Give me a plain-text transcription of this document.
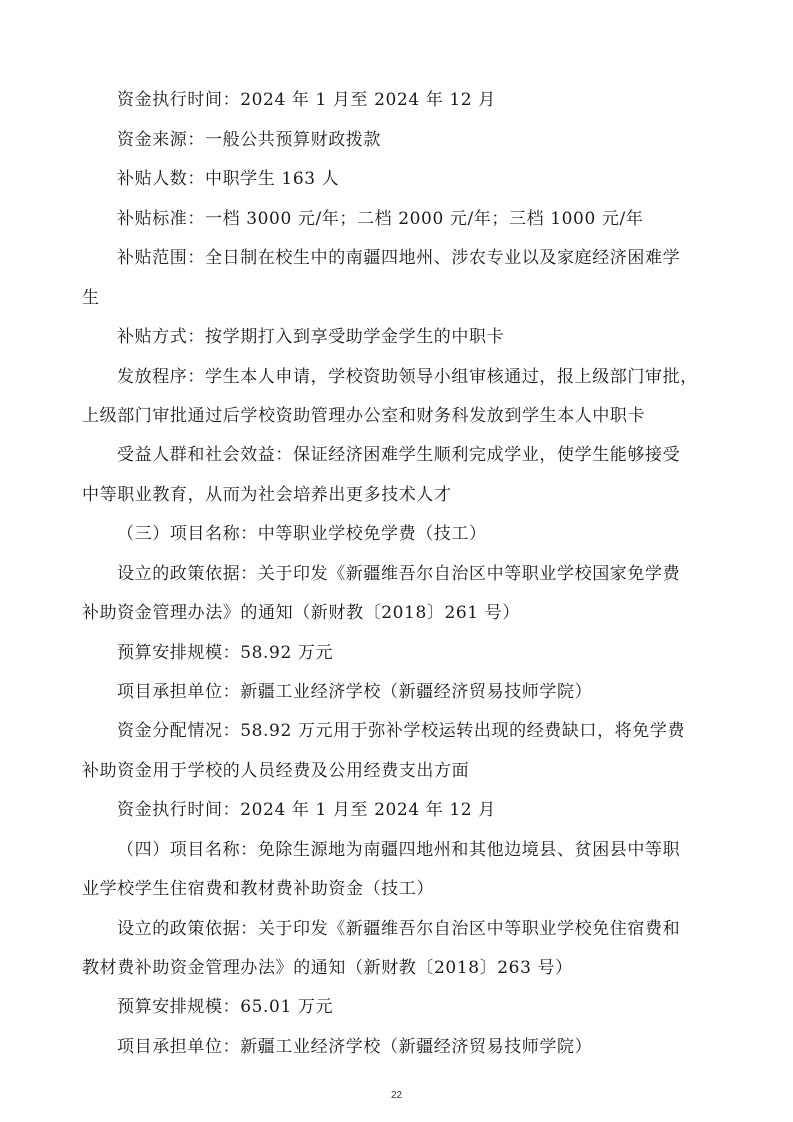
资金执行时间：2024 年 1 月至 2024 年 12 月
资金来源：一般公共预算财政拨款
补贴人数：中职学生 163 人
补贴标准：一档 3000 元/年；二档 2000 元/年；三档 1000 元/年
补贴范围：全日制在校生中的南疆四地州、涉农专业以及家庭经济困难学
生
补贴方式：按学期打入到享受助学金学生的中职卡
发放程序：学生本人申请，学校资助领导小组审核通过，报上级部门审批，
上级部门审批通过后学校资助管理办公室和财务科发放到学生本人中职卡
受益人群和社会效益：保证经济困难学生顺利完成学业，使学生能够接受
中等职业教育，从而为社会培养出更多技术人才
（三）项目名称：中等职业学校免学费（技工）
设立的政策依据：关于印发《新疆维吾尔自治区中等职业学校国家免学费
补助资金管理办法》的通知（新财教〔2018〕261 号）
预算安排规模：58.92 万元
项目承担单位：新疆工业经济学校（新疆经济贸易技师学院）
资金分配情况：58.92 万元用于弥补学校运转出现的经费缺口，将免学费
补助资金用于学校的人员经费及公用经费支出方面
资金执行时间：2024 年 1 月至 2024 年 12 月
（四）项目名称：免除生源地为南疆四地州和其他边境县、贫困县中等职
业学校学生住宿费和教材费补助资金（技工）
设立的政策依据：关于印发《新疆维吾尔自治区中等职业学校免住宿费和
教材费补助资金管理办法》的通知（新财教〔2018〕263 号）
预算安排规模：65.01 万元
项目承担单位：新疆工业经济学校（新疆经济贸易技师学院）
22
